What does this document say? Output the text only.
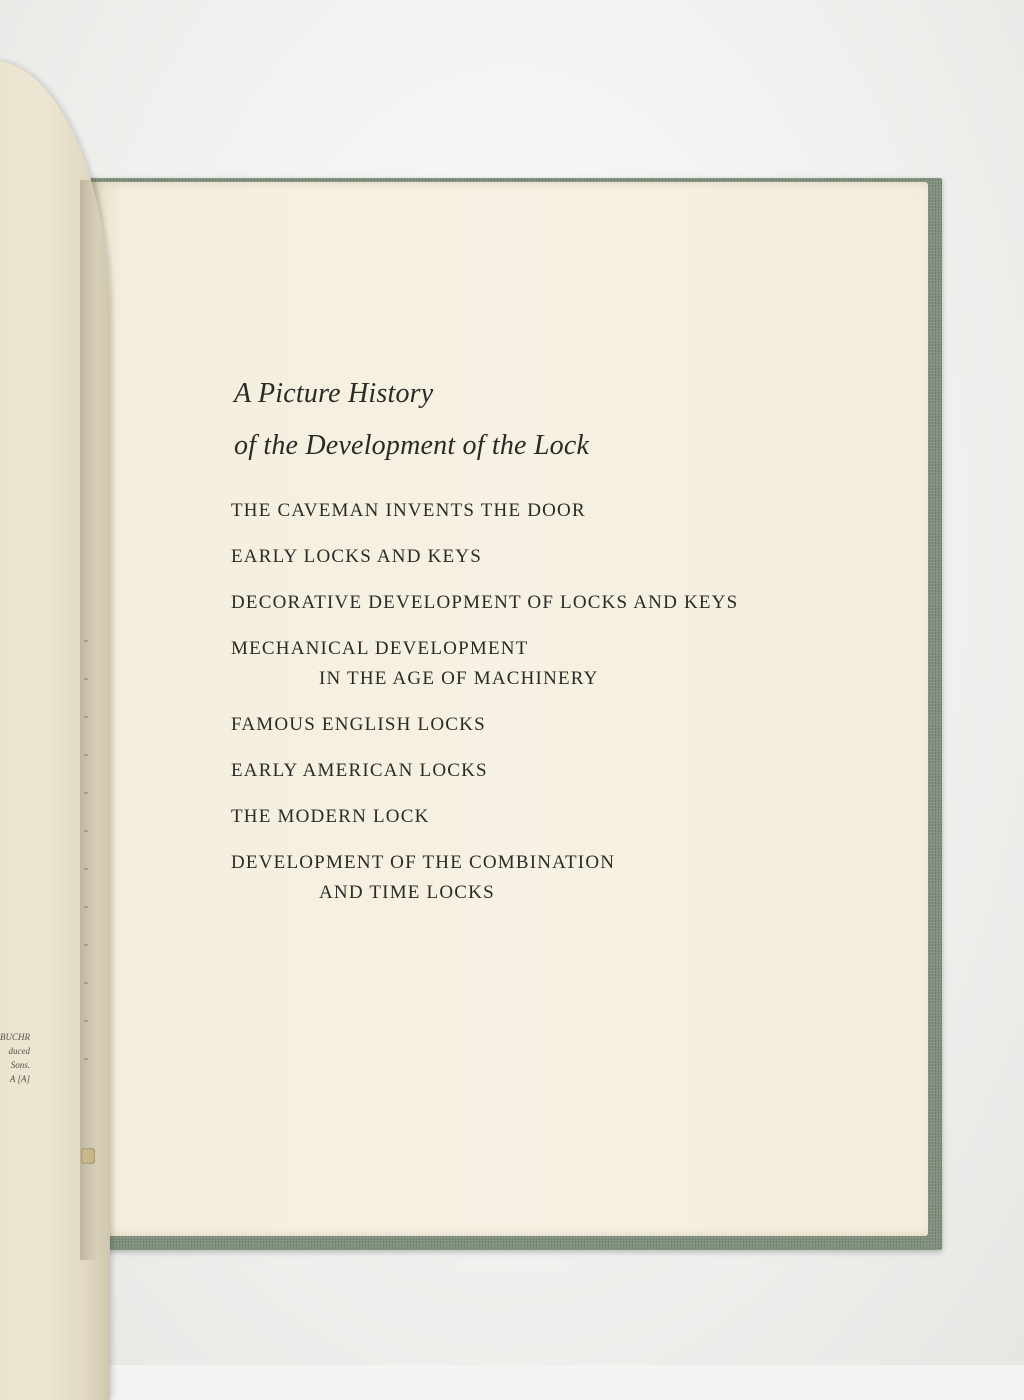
BUCHR
duced
Sons.
A [A]
A Picture History
of the Development of the Lock
THE CAVEMAN INVENTS THE DOOR
EARLY LOCKS AND KEYS
DECORATIVE DEVELOPMENT OF LOCKS AND KEYS
MECHANICAL DEVELOPMENT
IN THE AGE OF MACHINERY
FAMOUS ENGLISH LOCKS
EARLY AMERICAN LOCKS
THE MODERN LOCK
DEVELOPMENT OF THE COMBINATION
AND TIME LOCKS
